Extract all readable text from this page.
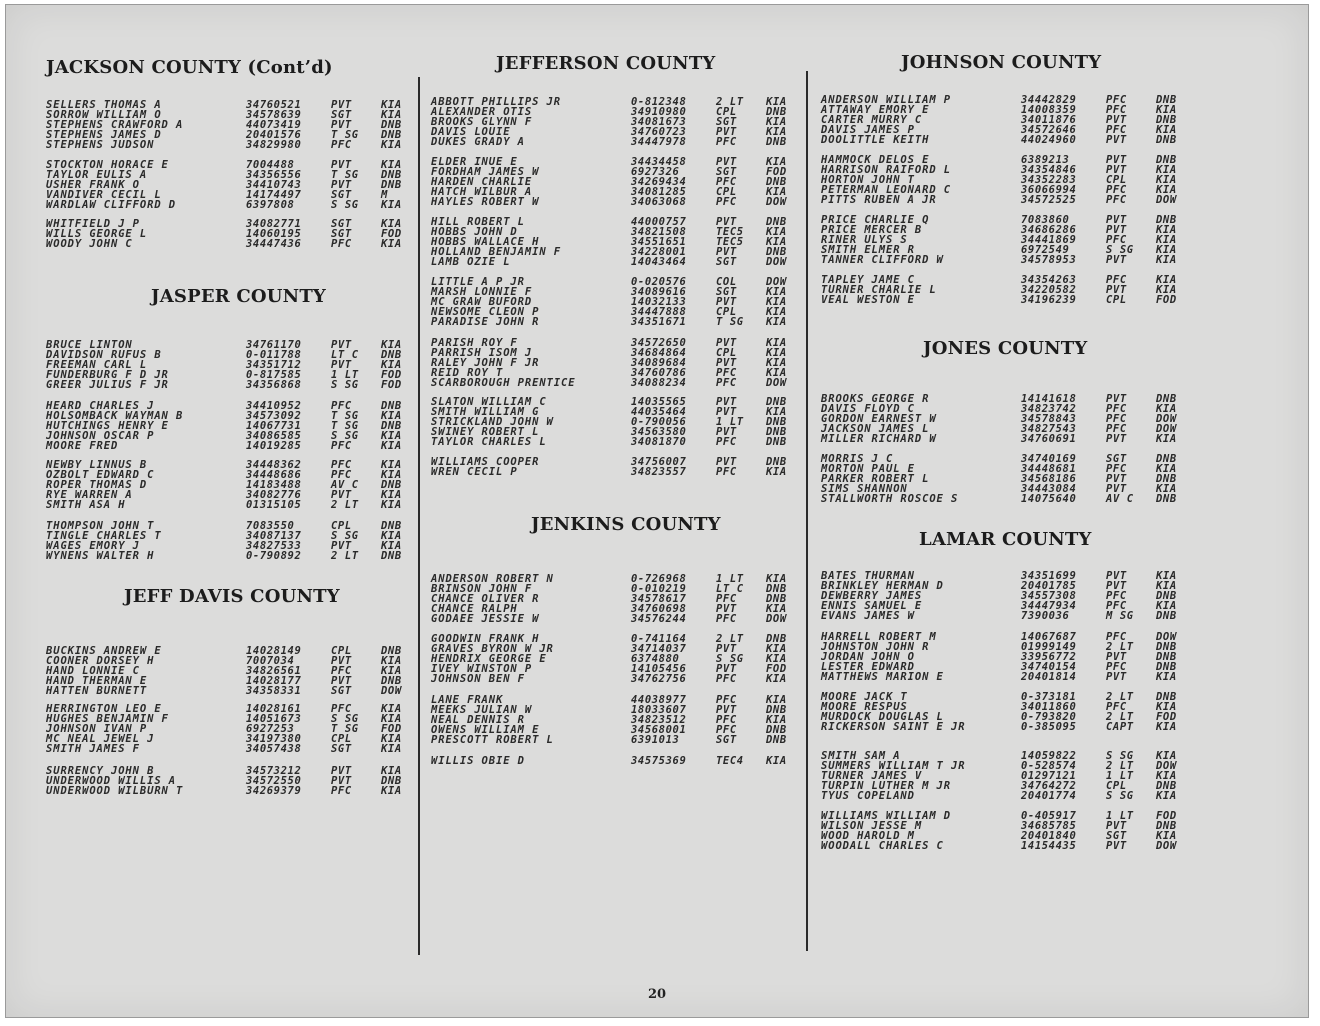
JACKSON COUNTY (Cont’d)
SELLERS THOMAS A	34760521	PVT	KIA
SORROW WILLIAM O	34578639	SGT	KIA
STEPHENS CRAWFORD A	44073419	PVT	DNB
STEPHENS JAMES D	20401576	T SG DNB
STEPHENS JUDSON	34829980	PFC	KIA
STOCKTON HORACE E	7004488	PVT	KIA
TAYLOR EULIS A	34356556	T SG DNB
USHER FRANK O	34410743	PVT	DNB
VANDIVER CECIL L	14174497	SGT	M
WARDLAW CLIFFORD D	6397808	S SG KIA
WHITFIELD J P	34082771	SGT	KIA
WILLS GEORGE L	14060195	SGT	FOD
WOODY JOHN C	34447436	PFC	KIA
JASPER COUNTY
BRUCE LINTON	34761170	PVT	KIA
DAVIDSON RUFUS B	0-011788	LT C DNB
FREEMAN CARL L	34351712	PVT	KIA
FUNDERBURG F D JR	0-817585	1 LT FOD
GREER JULIUS F JR	34356868	S SG FOD
HEARD CHARLES J	34410952	PFC	DNB
HOLSOMBACK WAYMAN B	34573092	T SG KIA
HUTCHINGS HENRY E	14067731	T SG DNB
JOHNSON OSCAR P	34086585	S SG KIA
MOORE FRED	14019285	PFC	KIA
NEWBY LINNUS B	34448362	PFC	KIA
OZBOLT EDWARD C	34448686	PFC	KIA
ROPER THOMAS D	14183488	AV C DNB
RYE WARREN A	34082776	PVT	KIA
SMITH ASA H	01315105	2 LT KIA
THOMPSON JOHN T	7083550	CPL	DNB
TINGLE CHARLES T	34087137	S SG KIA
WAGES EMORY J	34827533	PVT	KIA
WYNENS WALTER H	0-790892	2 LT DNB
JEFF DAVIS COUNTY
BUCKINS ANDREW E	14028149	CPL	DNB
COONER DORSEY H	7007034	PVT	KIA
HAND LONNIE C	34826561	PFC	KIA
HAND THERMAN E	14028177	PVT	DNB
HATTEN BURNETT	34358331	SGT	DOW
HERRINGTON LEO E	14028161	PFC	KIA
HUGHES BENJAMIN F	14051673	S SG KIA
JOHNSON IVAN P	6927253	T SG FOD
MC NEAL JEWEL J	34197380	CPL	KIA
SMITH JAMES F	34057438	SGT	KIA
SURRENCY JOHN B	34573212	PVT	KIA
UNDERWOOD WILLIS A	34572550	PVT	DNB
UNDERWOOD WILBURN T	34269379	PFC	KIA
JEFFERSON COUNTY
ABBOTT PHILLIPS JR	0-812348	2 LT KIA
ALEXANDER OTIS	34910980	CPL	DNB
BROOKS GLYNN F	34081673	SGT	KIA
DAVIS LOUIE	34760723	PVT	KIA
DUKES GRADY A	34447978	PFC	DNB
ELDER INUE E	34434458	PVT	KIA
FORDHAM JAMES W	6927326	SGT	FOD
HARDEN CHARLIE	34269434	PFC	DNB
HATCH WILBUR A	34081285	CPL	KIA
HAYLES ROBERT W	34063068	PFC	DOW
HILL ROBERT L	44000757	PVT	DNB
HOBBS JOHN D	34821508	TEC5 KIA
HOBBS WALLACE H	34551651	TEC5 KIA
HOLLAND BENJAMIN F	34228001	PVT	DNB
LAMB OZIE L	14043464	SGT	DOW
LITTLE A P JR	0-020576	COL	DOW
MARSH LONNIE F	34089616	SGT	KIA
MC GRAW BUFORD	14032133	PVT	KIA
NEWSOME CLEON P	34447888	CPL	KIA
PARADISE JOHN R	34351671	T SG KIA
PARISH ROY F	34572650	PVT	KIA
PARRISH ISOM J	34684864	CPL	KIA
RALEY JOHN F JR	34089684	PVT	KIA
REID ROY T	34760786	PFC	KIA
SCARBOROUGH PRENTICE	34088234	PFC	DOW
SLATON WILLIAM C	14035565	PVT	DNB
SMITH WILLIAM G	44035464	PVT	KIA
STRICKLAND JOHN W	0-790056	1 LT DNB
SWINEY ROBERT L	34563580	PVT	DNB
TAYLOR CHARLES L	34081870	PFC	DNB
WILLIAMS COOPER	34756007	PVT	DNB
WREN CECIL P	34823557	PFC	KIA
JENKINS COUNTY
ANDERSON ROBERT N	0-726968	1 LT KIA
BRINSON JOHN F	0-010219	LT C DNB
CHANCE OLIVER R	34578617	PFC	DNB
CHANCE RALPH	34760698	PVT	KIA
GODAEE JESSIE W	34576244	PFC	DOW
GOODWIN FRANK H	0-741164	2 LT DNB
GRAVES BYRON W JR	34714037	PVT	KIA
HENDRIX GEORGE E	6374880	S SG KIA
IVEY WINSTON P	14105456	PVT	FOD
JOHNSON BEN F	34762756	PFC	KIA
LANE FRANK	44038977	PFC	KIA
MEEKS JULIAN W	18033607	PVT	DNB
NEAL DENNIS R	34823512	PFC	KIA
OWENS WILLIAM E	34568001	PFC	DNB
PRESCOTT ROBERT L	6391013	SGT	DNB
WILLIS OBIE D	34575369	TEC4 KIA
JOHNSON COUNTY
ANDERSON WILLIAM P	34442829	PFC	DNB
ATTAWAY EMORY E	14008359	PFC	KIA
CARTER MURRY C	34011876	PVT	DNB
DAVIS JAMES P	34572646	PFC	KIA
DOOLITTLE KEITH	44024960	PVT	DNB
HAMMOCK DELOS E	6389213	PVT	DNB
HARRISON RAIFORD L	34354846	PVT	KIA
HORTON JOHN T	34352283	CPL	KIA
PETERMAN LEONARD C	36066994	PFC	KIA
PITTS RUBEN A JR	34572525	PFC	DOW
PRICE CHARLIE Q	7083860	PVT	DNB
PRICE MERCER B	34686286	PVT	KIA
RINER ULYS S	34441869	PFC	KIA
SMITH ELMER R	6972549	S SG KIA
TANNER CLIFFORD W	34578953	PVT	KIA
TAPLEY JAME C	34354263	PFC	KIA
TURNER CHARLIE L	34220582	PVT	KIA
VEAL WESTON E	34196239	CPL	FOD
JONES COUNTY
BROOKS GEORGE R	14141618	PVT	DNB
DAVIS FLOYD C	34823742	PFC	KIA
GORDON EARNEST W	34578843	PFC	DOW
JACKSON JAMES L	34827543	PFC	DOW
MILLER RICHARD W	34760691	PVT	KIA
MORRIS J C	34740169	SGT	DNB
MORTON PAUL E	34448681	PFC	KIA
PARKER ROBERT L	34568186	PVT	DNB
SIMS SHANNON	34443084	PVT	KIA
STALLWORTH ROSCOE S	14075640	AV C DNB
LAMAR COUNTY
BATES THURMAN	34351699	PVT	KIA
BRINKLEY HERMAN D	20401785	PVT	KIA
DEWBERRY JAMES	34557308	PFC	DNB
ENNIS SAMUEL E	34447934	PFC	KIA
EVANS JAMES W	7390036	M SG DNB
HARRELL ROBERT M	14067687	PFC	DOW
JOHNSTON JOHN R	01999149	2 LT DNB
JORDAN JOHN O	33956772	PVT	DNB
LESTER EDWARD	34740154	PFC	DNB
MATTHEWS MARION E	20401814	PVT	KIA
MOORE JACK T	0-373181	2 LT DNB
MOORE RESPUS	34011860	PFC	KIA
MURDOCK DOUGLAS L	0-793820	2 LT FOD
RICKERSON SAINT E JR	0-385095	CAPT KIA
SMITH SAM A	14059822	S SG KIA
SUMMERS WILLIAM T JR	0-528574	2 LT DOW
TURNER JAMES V	01297121	1 LT KIA
TURPIN LUTHER M JR	34764272	CPL	DNB
TYUS COPELAND	20401774	S SG KIA
WILLIAMS WILLIAM D	0-405917	1 LT FOD
WILSON JESSE M	34685785	PVT	DNB
WOOD HAROLD M	20401840	SGT	KIA
WOODALL CHARLES C	14154435	PVT	DOW
20
